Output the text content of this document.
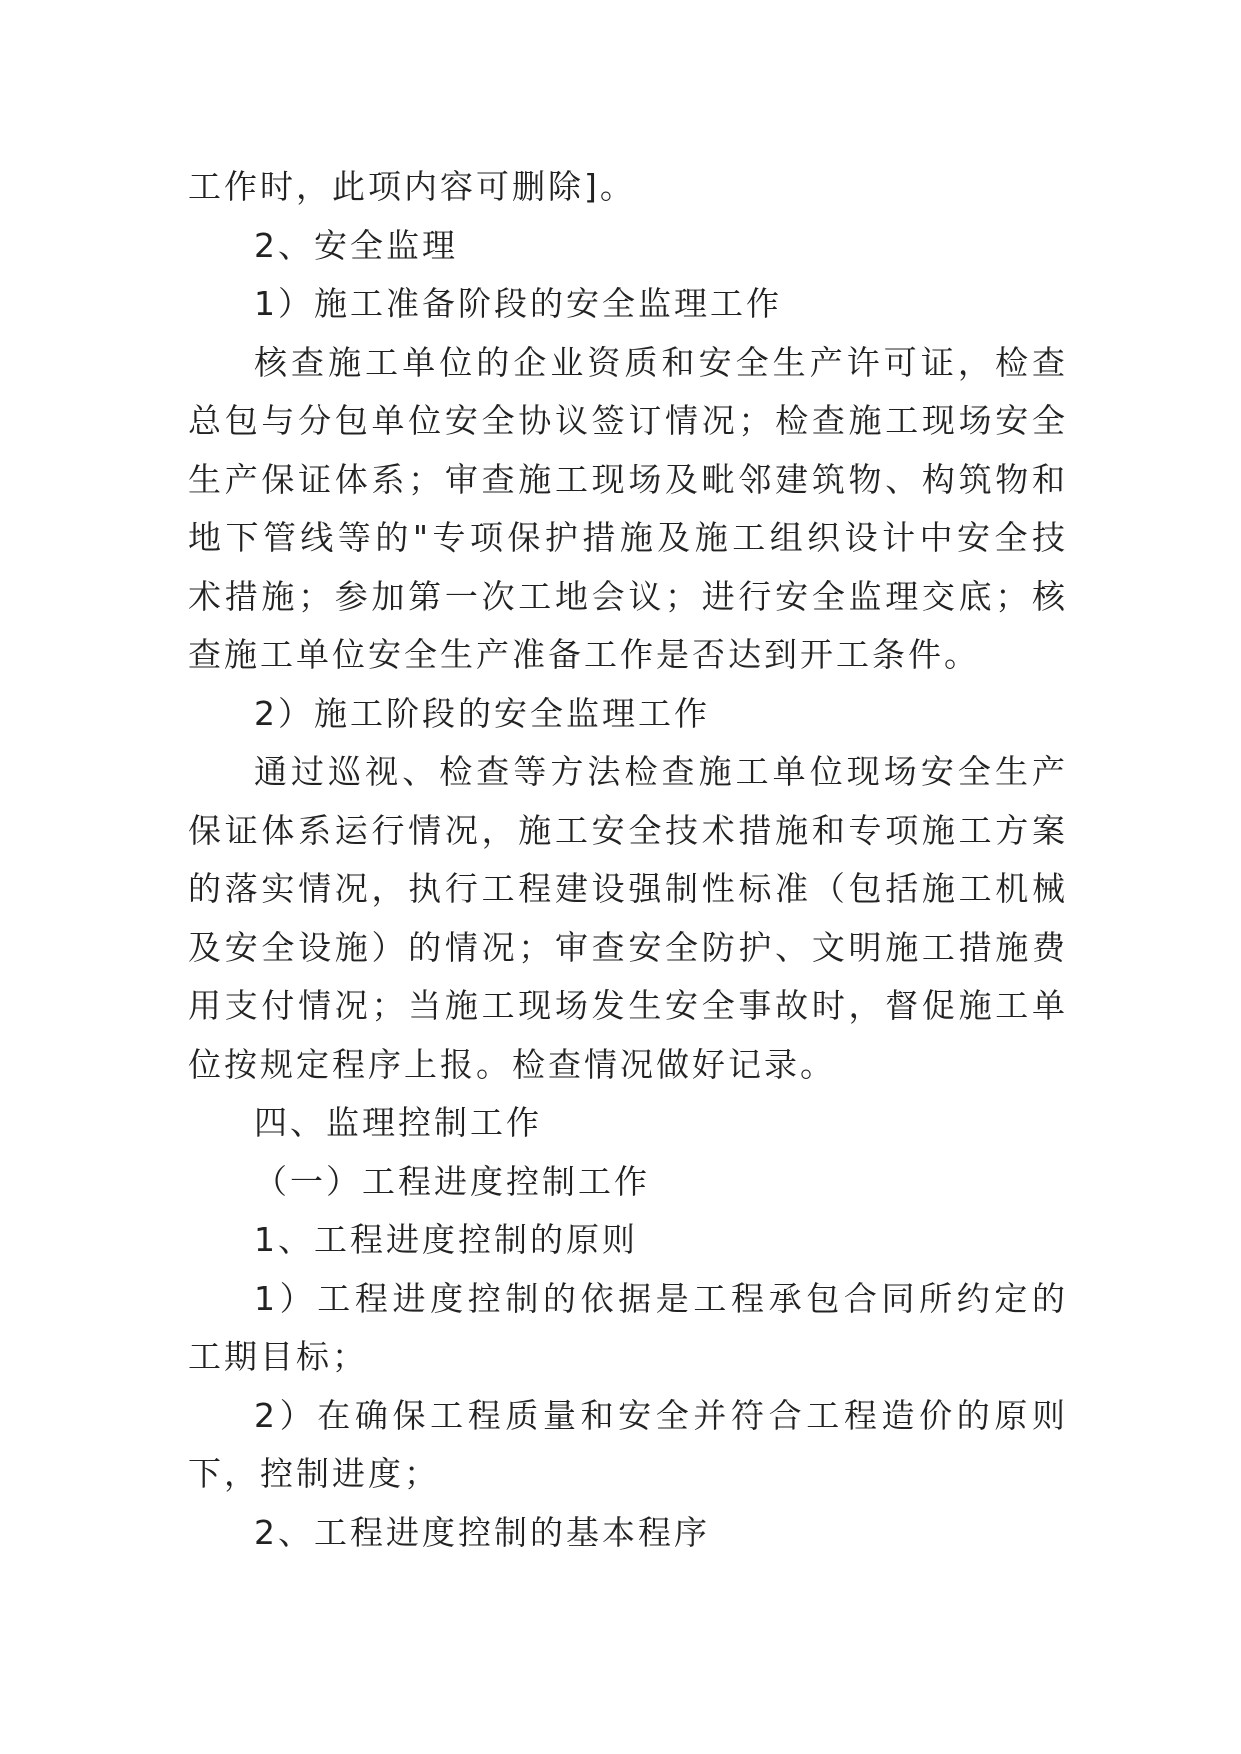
工作时，此项内容可删除]。

2、安全监理

1）施工准备阶段的安全监理工作

核查施工单位的企业资质和安全生产许可证，检查总包与分包单位安全协议签订情况；检查施工现场安全生产保证体系；审查施工现场及毗邻建筑物、构筑物和地下管线等的"专项保护措施及施工组织设计中安全技术措施；参加第一次工地会议；进行安全监理交底；核查施工单位安全生产准备工作是否达到开工条件。

2）施工阶段的安全监理工作

通过巡视、检查等方法检查施工单位现场安全生产保证体系运行情况，施工安全技术措施和专项施工方案的落实情况，执行工程建设强制性标准（包括施工机械及安全设施）的情况；审查安全防护、文明施工措施费用支付情况；当施工现场发生安全事故时，督促施工单位按规定程序上报。检查情况做好记录。

四、监理控制工作

（一）工程进度控制工作

1、工程进度控制的原则

1）工程进度控制的依据是工程承包合同所约定的工期目标；

2）在确保工程质量和安全并符合工程造价的原则下，控制进度；

2、工程进度控制的基本程序
